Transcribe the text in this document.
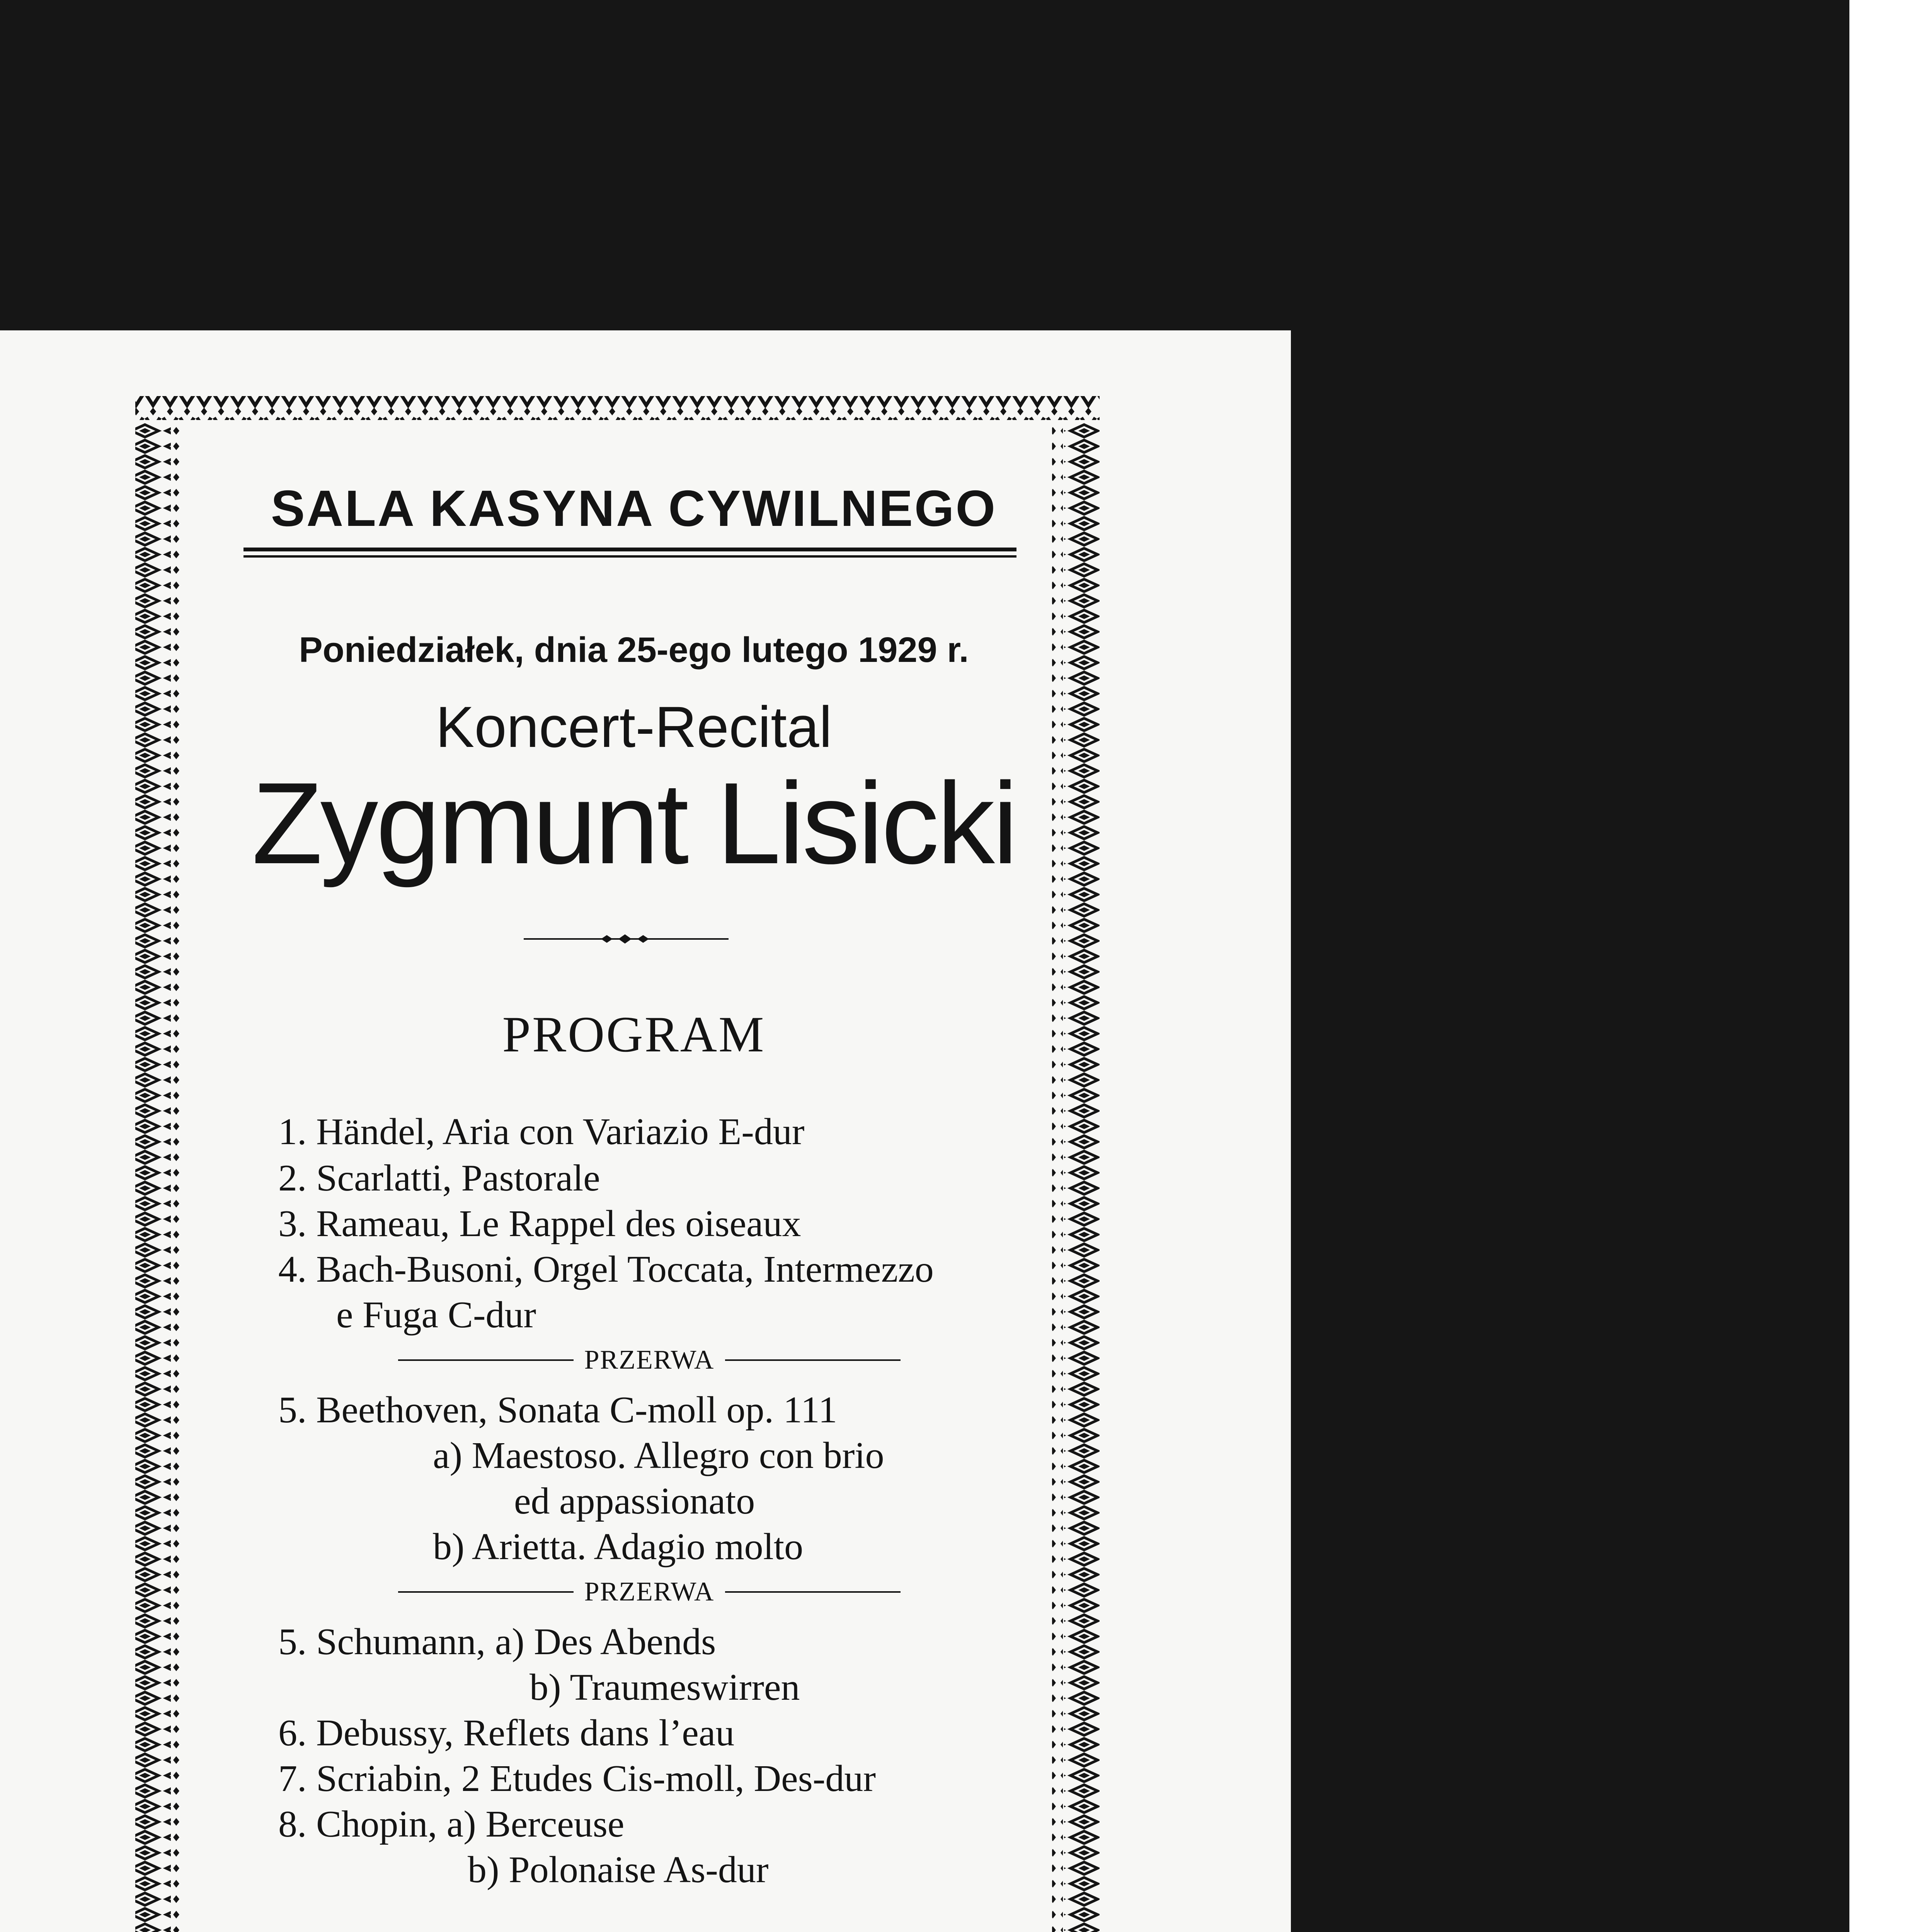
SALA KASYNA CYWILNEGO
Poniedziałek, dnia 25-ego lutego 1929 r.
Koncert-Recital
Zygmunt Lisicki
PROGRAM
1. Händel, Aria con Variazio E-dur
2. Scarlatti, Pastorale
3. Rameau, Le Rappel des oiseaux
4. Bach-Busoni, Orgel Toccata, Intermezzo
e Fuga C-dur
PRZERWA
5. Beethoven, Sonata C-moll op. 111
a) Maestoso. Allegro con brio
ed appassionato
b) Arietta. Adagio molto
PRZERWA
5. Schumann, a) Des Abends
b) Traumeswirren
6. Debussy, Reflets dans l’eau
7. Scriabin, 2 Etudes Cis-moll, Des-dur
8. Chopin, a) Berceuse
b) Polonaise As-dur
